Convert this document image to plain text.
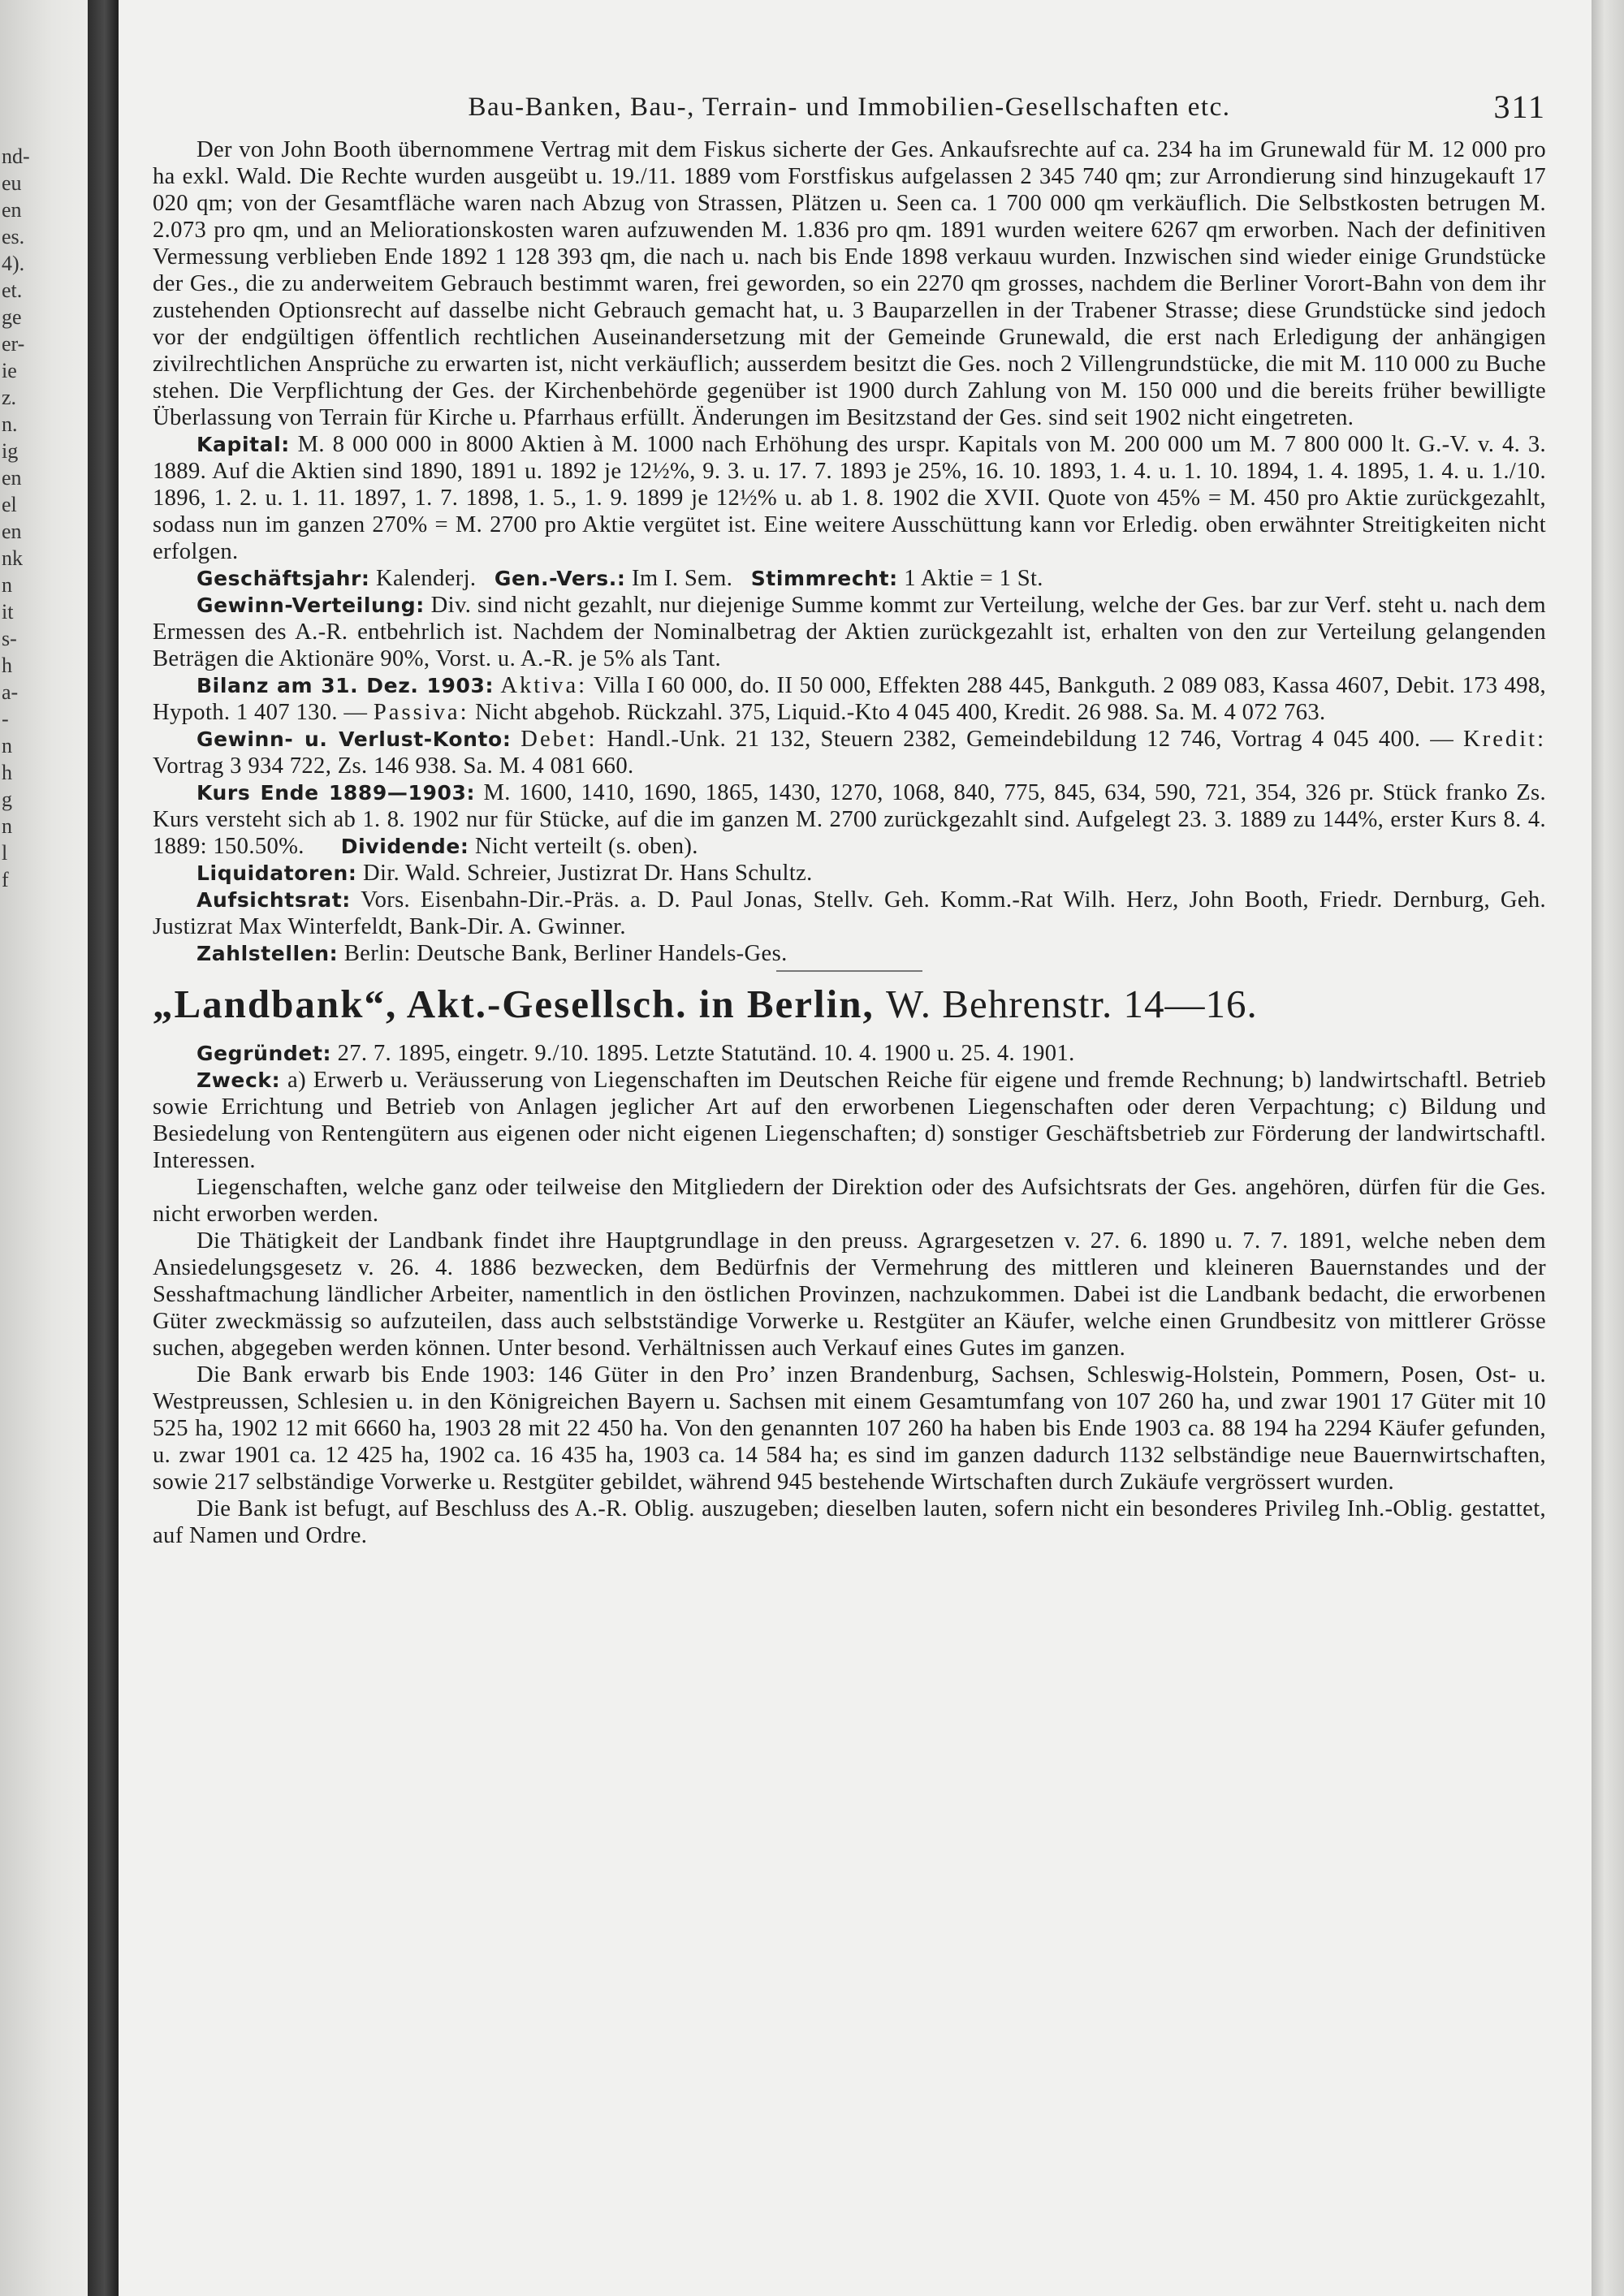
nd-
eu
en
es.
4).
et.
ge
er-
ie
z.
n.
ig
en
el
en
nk
n
it
s-
h
a-
-
n
h
g
n
l
f
Bau-Banken, Bau-, Terrain- und Immobilien-Gesellschaften etc.	311

Der von John Booth übernommene Vertrag mit dem Fiskus sicherte der Ges. Ankaufsrechte auf ca. 234 ha im Grunewald für M. 12 000 pro ha exkl. Wald. Die Rechte wurden ausgeübt u. 19./11. 1889 vom Forstfiskus aufgelassen 2 345 740 qm; zur Arrondierung sind hinzugekauft 17 020 qm; von der Gesamtfläche waren nach Abzug von Strassen, Plätzen u. Seen ca. 1 700 000 qm verkäuflich. Die Selbstkosten betrugen M. 2.073 pro qm, und an Meliorationskosten waren aufzuwenden M. 1.836 pro qm. 1891 wurden weitere 6267 qm erworben. Nach der definitiven Vermessung verblieben Ende 1892 1 128 393 qm, die nach u. nach bis Ende 1898 verkauu wurden. Inzwischen sind wieder einige Grundstücke der Ges., die zu anderweitem Gebrauch bestimmt waren, frei geworden, so ein 2270 qm grosses, nachdem die Berliner Vorort-Bahn von dem ihr zustehenden Optionsrecht auf dasselbe nicht Gebrauch gemacht hat, u. 3 Bauparzellen in der Trabener Strasse; diese Grundstücke sind jedoch vor der endgültigen öffentlich rechtlichen Auseinandersetzung mit der Gemeinde Grunewald, die erst nach Erledigung der anhängigen zivilrechtlichen Ansprüche zu erwarten ist, nicht verkäuflich; ausserdem besitzt die Ges. noch 2 Villengrundstücke, die mit M. 110 000 zu Buche stehen. Die Verpflichtung der Ges. der Kirchenbehörde gegenüber ist 1900 durch Zahlung von M. 150 000 und die bereits früher bewilligte Überlassung von Terrain für Kirche u. Pfarrhaus erfüllt. Änderungen im Besitzstand der Ges. sind seit 1902 nicht eingetreten.

Kapital: M. 8 000 000 in 8000 Aktien à M. 1000 nach Erhöhung des urspr. Kapitals von M. 200 000 um M. 7 800 000 lt. G.-V. v. 4. 3. 1889. Auf die Aktien sind 1890, 1891 u. 1892 je 12½%, 9. 3. u. 17. 7. 1893 je 25%, 16. 10. 1893, 1. 4. u. 1. 10. 1894, 1. 4. 1895, 1. 4. u. 1./10. 1896, 1. 2. u. 1. 11. 1897, 1. 7. 1898, 1. 5., 1. 9. 1899 je 12½% u. ab 1. 8. 1902 die XVII. Quote von 45% = M. 450 pro Aktie zurückgezahlt, sodass nun im ganzen 270% = M. 2700 pro Aktie vergütet ist. Eine weitere Ausschüttung kann vor Erledig. oben erwähnter Streitigkeiten nicht erfolgen.

Geschäftsjahr: Kalenderj. Gen.-Vers.: Im I. Sem. Stimmrecht: 1 Aktie = 1 St.

Gewinn-Verteilung: Div. sind nicht gezahlt, nur diejenige Summe kommt zur Verteilung, welche der Ges. bar zur Verf. steht u. nach dem Ermessen des A.-R. entbehrlich ist. Nachdem der Nominalbetrag der Aktien zurückgezahlt ist, erhalten von den zur Verteilung gelangenden Beträgen die Aktionäre 90%, Vorst. u. A.-R. je 5% als Tant.

Bilanz am 31. Dez. 1903: Aktiva: Villa I 60 000, do. II 50 000, Effekten 288 445, Bankguth. 2 089 083, Kassa 4607, Debit. 173 498, Hypoth. 1 407 130. — Passiva: Nicht abgehob. Rückzahl. 375, Liquid.-Kto 4 045 400, Kredit. 26 988. Sa. M. 4 072 763.

Gewinn- u. Verlust-Konto: Debet: Handl.-Unk. 21 132, Steuern 2382, Gemeindebildung 12 746, Vortrag 4 045 400. — Kredit: Vortrag 3 934 722, Zs. 146 938. Sa. M. 4 081 660.

Kurs Ende 1889—1903: M. 1600, 1410, 1690, 1865, 1430, 1270, 1068, 840, 775, 845, 634, 590, 721, 354, 326 pr. Stück franko Zs. Kurs versteht sich ab 1. 8. 1902 nur für Stücke, auf die im ganzen M. 2700 zurückgezahlt sind. Aufgelegt 23. 3. 1889 zu 144%, erster Kurs 8. 4. 1889: 150.50%. Dividende: Nicht verteilt (s. oben).

Liquidatoren: Dir. Wald. Schreier, Justizrat Dr. Hans Schultz.

Aufsichtsrat: Vors. Eisenbahn-Dir.-Präs. a. D. Paul Jonas, Stellv. Geh. Komm.-Rat Wilh. Herz, John Booth, Friedr. Dernburg, Geh. Justizrat Max Winterfeldt, Bank-Dir. A. Gwinner.

Zahlstellen: Berlin: Deutsche Bank, Berliner Handels-Ges.

„Landbank“, Akt.-Gesellsch. in Berlin, W. Behrenstr. 14—16.

Gegründet: 27. 7. 1895, eingetr. 9./10. 1895. Letzte Statutänd. 10. 4. 1900 u. 25. 4. 1901.

Zweck: a) Erwerb u. Veräusserung von Liegenschaften im Deutschen Reiche für eigene und fremde Rechnung; b) landwirtschaftl. Betrieb sowie Errichtung und Betrieb von Anlagen jeglicher Art auf den erworbenen Liegenschaften oder deren Verpachtung; c) Bildung und Besiedelung von Rentengütern aus eigenen oder nicht eigenen Liegenschaften; d) sonstiger Geschäftsbetrieb zur Förderung der landwirtschaftl. Interessen.

Liegenschaften, welche ganz oder teilweise den Mitgliedern der Direktion oder des Aufsichtsrats der Ges. angehören, dürfen für die Ges. nicht erworben werden.

Die Thätigkeit der Landbank findet ihre Hauptgrundlage in den preuss. Agrargesetzen v. 27. 6. 1890 u. 7. 7. 1891, welche neben dem Ansiedelungsgesetz v. 26. 4. 1886 bezwecken, dem Bedürfnis der Vermehrung des mittleren und kleineren Bauernstandes und der Sesshaftmachung ländlicher Arbeiter, namentlich in den östlichen Provinzen, nachzukommen. Dabei ist die Landbank bedacht, die erworbenen Güter zweckmässig so aufzuteilen, dass auch selbstständige Vorwerke u. Restgüter an Käufer, welche einen Grundbesitz von mittlerer Grösse suchen, abgegeben werden können. Unter besond. Verhältnissen auch Verkauf eines Gutes im ganzen.

Die Bank erwarb bis Ende 1903: 146 Güter in den Pro’ inzen Brandenburg, Sachsen, Schleswig-Holstein, Pommern, Posen, Ost- u. Westpreussen, Schlesien u. in den Königreichen Bayern u. Sachsen mit einem Gesamtumfang von 107 260 ha, und zwar 1901 17 Güter mit 10 525 ha, 1902 12 mit 6660 ha, 1903 28 mit 22 450 ha. Von den genannten 107 260 ha haben bis Ende 1903 ca. 88 194 ha 2294 Käufer gefunden, u. zwar 1901 ca. 12 425 ha, 1902 ca. 16 435 ha, 1903 ca. 14 584 ha; es sind im ganzen dadurch 1132 selbständige neue Bauernwirtschaften, sowie 217 selbständige Vorwerke u. Restgüter gebildet, während 945 bestehende Wirtschaften durch Zukäufe vergrössert wurden.

Die Bank ist befugt, auf Beschluss des A.-R. Oblig. auszugeben; dieselben lauten, sofern nicht ein besonderes Privileg Inh.-Oblig. gestattet, auf Namen und Ordre.
